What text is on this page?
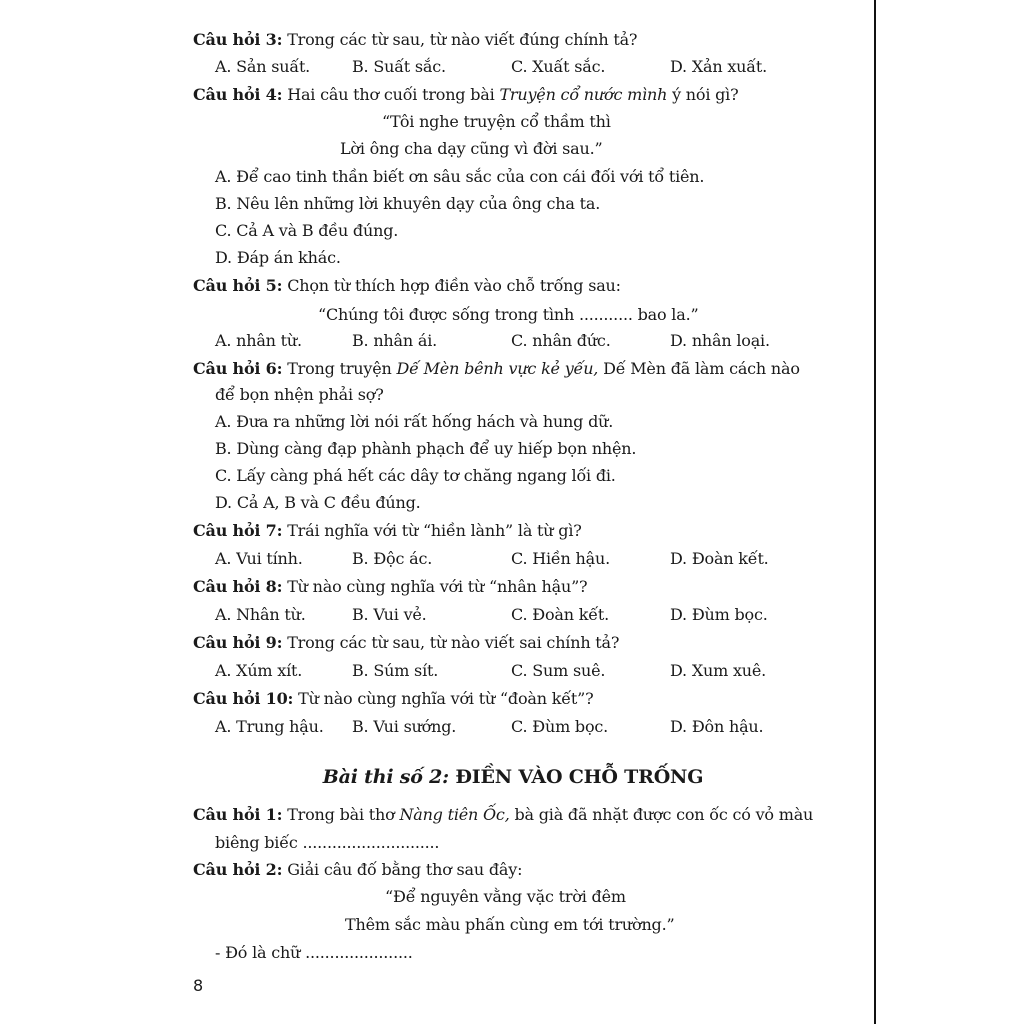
Câu hỏi 3: Trong các từ sau, từ nào viết đúng chính tả?
A. Sản suất.	B. Suất sắc.	C. Xuất sắc.	D. Xản xuất.
Câu hỏi 4: Hai câu thơ cuối trong bài Truyện cổ nước mình ý nói gì?
“Tôi nghe truyện cổ thầm thì
Lời ông cha dạy cũng vì đời sau.”
A. Để cao tinh thần biết ơn sâu sắc của con cái đối với tổ tiên.
B. Nêu lên những lời khuyên dạy của ông cha ta.
C. Cả A và B đều đúng.
D. Đáp án khác.
Câu hỏi 5: Chọn từ thích hợp điền vào chỗ trống sau:
“Chúng tôi được sống trong tình ........... bao la.”
A. nhân từ.	B. nhân ái.	C. nhân đức.	D. nhân loại.
Câu hỏi 6: Trong truyện Dế Mèn bênh vực kẻ yếu, Dế Mèn đã làm cách nào
để bọn nhện phải sợ?
A. Đưa ra những lời nói rất hống hách và hung dữ.
B. Dùng càng đạp phành phạch để uy hiếp bọn nhện.
C. Lấy càng phá hết các dây tơ chăng ngang lối đi.
D. Cả A, B và C đều đúng.
Câu hỏi 7: Trái nghĩa với từ “hiền lành” là từ gì?
A. Vui tính.	B. Độc ác.	C. Hiền hậu.	D. Đoàn kết.
Câu hỏi 8: Từ nào cùng nghĩa với từ “nhân hậu”?
A. Nhân từ.	B. Vui vẻ.	C. Đoàn kết.	D. Đùm bọc.
Câu hỏi 9: Trong các từ sau, từ nào viết sai chính tả?
A. Xúm xít.	B. Súm sít.	C. Sum suê.	D. Xum xuê.
Câu hỏi 10: Từ nào cùng nghĩa với từ “đoàn kết”?
A. Trung hậu. B. Vui sướng.	C. Đùm bọc.	D. Đôn hậu.
Bài thi số 2: ĐIỀN VÀO CHỖ TRỐNG
Câu hỏi 1: Trong bài thơ Nàng tiên Ốc, bà già đã nhặt được con ốc có vỏ màu
biêng biếc ............................
Câu hỏi 2: Giải câu đố bằng thơ sau đây:
“Để nguyên vằng vặc trời đêm
Thêm sắc màu phấn cùng em tới trường.”
- Đó là chữ ......................
8
